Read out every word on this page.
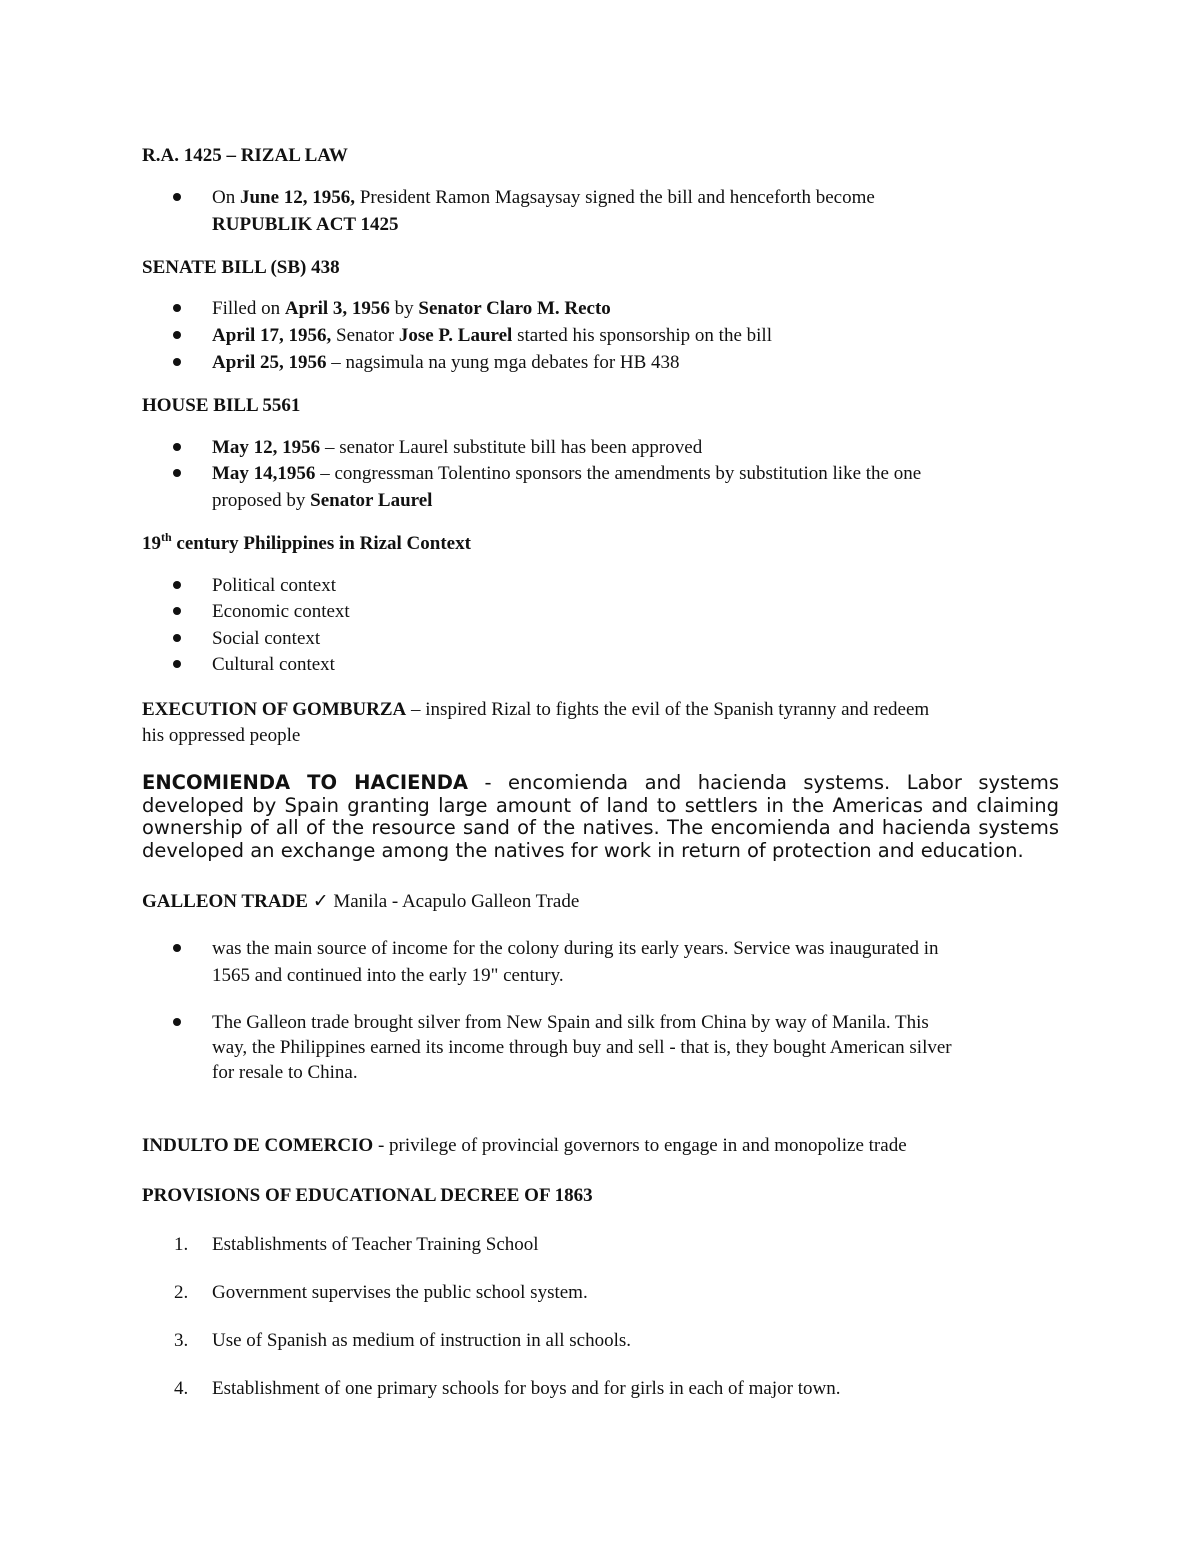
R.A. 1425 – RIZAL LAW
On June 12, 1956, President Ramon Magsaysay signed the bill and henceforth become
RUPUBLIK ACT 1425
SENATE BILL (SB) 438
Filled on April 3, 1956 by Senator Claro M. Recto
April 17, 1956, Senator Jose P. Laurel started his sponsorship on the bill
April 25, 1956 – nagsimula na yung mga debates for HB 438
HOUSE BILL 5561
May 12, 1956 – senator Laurel substitute bill has been approved
May 14,1956 – congressman Tolentino sponsors the amendments by substitution like the one
proposed by Senator Laurel
19th century Philippines in Rizal Context
Political context
Economic context
Social context
Cultural context
EXECUTION OF GOMBURZA – inspired Rizal to fights the evil of the Spanish tyranny and redeem
his oppressed people
ENCOMIENDA TO HACIENDA - encomienda and hacienda systems. Labor systems
developed by Spain granting large amount of land to settlers in the Americas and claiming
ownership of all of the resource sand of the natives. The encomienda and hacienda systems
developed an exchange among the natives for work in return of protection and education.
GALLEON TRADE ✓ Manila - Acapulo Galleon Trade
was the main source of income for the colony during its early years. Service was inaugurated in
1565 and continued into the early 19" century.
The Galleon trade brought silver from New Spain and silk from China by way of Manila. This
way, the Philippines earned its income through buy and sell - that is, they bought American silver
for resale to China.
INDULTO DE COMERCIO - privilege of provincial governors to engage in and monopolize trade
PROVISIONS OF EDUCATIONAL DECREE OF 1863
1. Establishments of Teacher Training School
2. Government supervises the public school system.
3. Use of Spanish as medium of instruction in all schools.
4. Establishment of one primary schools for boys and for girls in each of major town.
